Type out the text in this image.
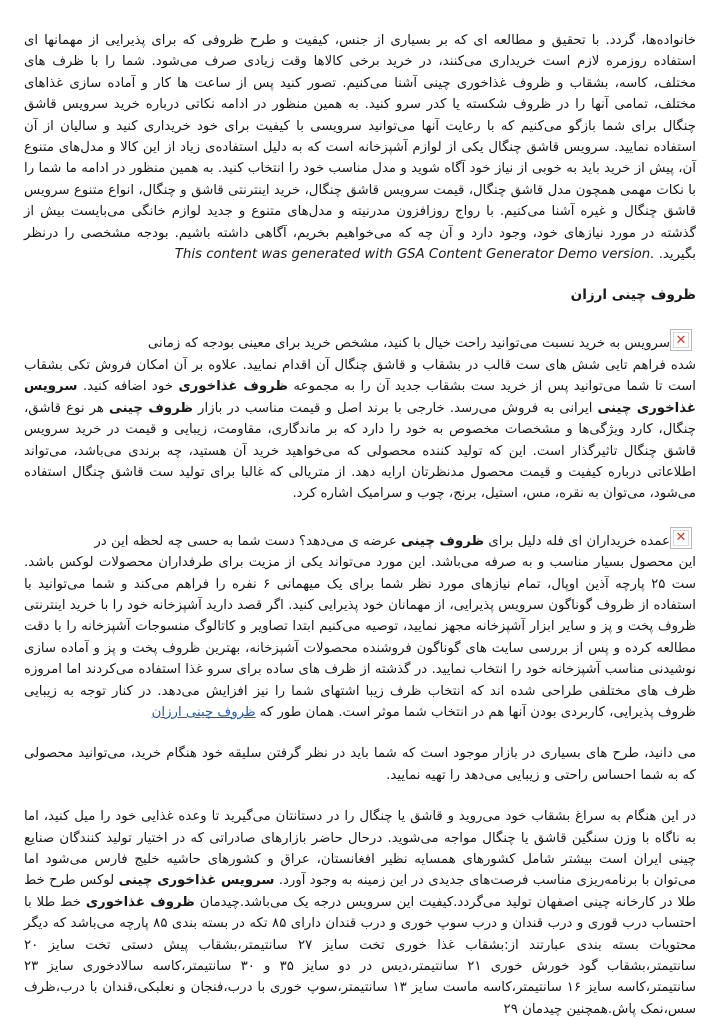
خانواده‌ها، گردد. با تحقیق و مطالعه ای که بر بسیاری از جنس، کیفیت و طرح ظروفی که برای پذیرایی از مهمانها ای استفاده روزمره لازم است خریداری می‌کنند، در خرید برخی کالاها وقت زیادی صرف می‌شود. شما را با ظرف های مختلف، کاسه، بشقاب و ظروف غذاخوری چینی آشنا می‌کنیم. تصور کنید پس از ساعت ها کار و آماده سازی غذاهای مختلف، تمامی آنها را در ظروف شکسته یا کدر سرو کنید. به همین منظور در ادامه نکاتی درباره خرید سرویس قاشق چنگال برای شما بازگو می‌کنیم که با رعایت آنها می‌توانید سرویسی با کیفیت برای خود خریداری کنید و سالیان از آن استفاده نمایید. سرویس قاشق چنگال یکی از لوازم آشپزخانه است که به دلیل استفاده‌ی زیاد از این کالا و مدل‌های متنوع آن، پیش از خرید باید به خوبی از نیاز خود آگاه شوید و مدل مناسب خود را انتخاب کنید. به همین منظور در ادامه ما شما را با نکات مهمی همچون مدل قاشق چنگال، قیمت سرویس قاشق چنگال، خرید اینترنتی قاشق و چنگال، انواع متنوع سرویس قاشق چنگال و غیره آشنا می‌کنیم. با رواج روزافزون مدرنیته و مدل‌های متنوع و جدید لوازم خانگی می‌بایست بیش از گذشته در مورد نیازهای خود، وجود دارد و آن چه که می‌خواهیم بخریم، آگاهی داشته باشیم. بودجه مشخصی را درنظر بگیرید. This content was generated with GSA Content Generator Demo version.

ظروف چینی ارزان
✕
سرویس به خرید نسبت می‌توانید راحت خیال با کنید، مشخص خرید برای معینی بودجه که زمانی

شده فراهم تایی شش های ست قالب در بشقاب و قاشق چنگال آن اقدام نمایید. علاوه بر آن امکان فروش تکی بشقاب است تا شما می‌توانید پس از خرید ست بشقاب جدید آن را به مجموعه ظروف غذاخوری خود اضافه کنید. سرویس غذاخوری چینی ایرانی به فروش می‌رسد. خارجی با برند اصل و قیمت مناسب در بازار ظروف چینی هر نوع قاشق، چنگال، کارد ویژگی‌ها و مشخصات مخصوص به خود را دارد که بر ماندگاری، مقاومت، زیبایی و قیمت در خرید سرویس قاشق چنگال تاثیرگذار است. این که تولید کننده محصولی که می‌خواهید خرید آن هستید، چه برندی می‌باشد، می‌تواند اطلاعاتی درباره کیفیت و قیمت محصول مدنظرتان ارایه دهد. از متریالی که غالبا برای تولید ست قاشق چنگال استفاده می‌شود، می‌توان به نقره، مس، استیل، برنج، چوب و سرامیک اشاره کرد.

✕
عمده خریداران ای فله دلیل برای ظروف چینی عرضه ی می‌دهد؟ دست شما به حسی چه لحظه این در

این محصول بسیار مناسب و به صرفه می‌باشد. این مورد می‌تواند یکی از مزیت برای طرفداران محصولات لوکس باشد. ست ۲۵ پارچه آذین اوپال، تمام نیازهای مورد نظر شما برای یک میهمانی ۶ نفره را فراهم می‌کند و شما می‌توانید با استفاده از ظروف گوناگون سرویس پذیرایی، از مهمانان خود پذیرایی کنید. اگر قصد دارید آشپزخانه خود را با خرید اینترنتی ظروف پخت و پز و سایر ابزار آشپزخانه مجهز نمایید، توصیه می‌کنیم ابتدا تصاویر و کاتالوگ منسوجات آشپزخانه را با دقت مطالعه کرده و پس از بررسی سایت های گوناگون فروشنده محصولات آشپزخانه، بهترین ظروف پخت و پز و آماده سازی نوشیدنی مناسب آشپزخانه خود را انتخاب نمایید. در گذشته از ظرف های ساده برای سرو غذا استفاده می‌کردند اما امروزه ظرف های مختلفی طراحی شده اند که انتخاب ظرف زیبا اشتهای شما را نیز افزایش می‌دهد. در کنار توجه به زیبایی ظروف پذیرایی، کاربردی بودن آنها هم در انتخاب شما موثر است. همان طور که ظروف چینی ارزان

می دانید، طرح های بسیاری در بازار موجود است که شما باید در نظر گرفتن سلیقه خود هنگام خرید، می‌توانید محصولی که به شما احساس راحتی و زیبایی می‌دهد را تهیه نمایید.

در این هنگام به سراغ بشقاب خود می‌روید و قاشق یا چنگال را در دستانتان می‌گیرید تا وعده غذایی خود را میل کنید، اما به ناگاه با وزن سنگین قاشق یا چنگال مواجه می‌شوید. درحال حاضر بازارهای صادراتی که در اختیار تولید کنندگان صنایع چینی ایران است بیشتر شامل کشورهای همسایه نظیر افغانستان، عراق و کشورهای حاشیه خلیج فارس می‌شود اما می‌توان با برنامه‌ریزی مناسب فرصت‌های جدیدی در این زمینه به وجود آورد. سرویس غذاخوری چینی لوکس طرح خط طلا در کارخانه چینی اصفهان تولید می‌گردد.کیفیت این سرویس درجه یک می‌باشد.چیدمان ظروف غذاخوری خط طلا با احتساب درب قوری و درب قندان و درب سوپ خوری و درب قندان دارای ۸۵ تکه در بسته بندی ۸۵ پارچه می‌باشد که دیگر محتویات بسته بندی عبارتند از:بشقاب غذا خوری تخت سایز ۲۷ سانتیمتر،بشقاب پیش دستی تخت سایز ۲۰ سانتیمتر،بشقاب گود خورش خوری ۲۱ سانتیمتر،دیس در دو سایز ۳۵ و ۳۰ سانتیمتر،کاسه سالادخوری سایز ۲۳ سانتیمتر،کاسه سایز ۱۶ سانتیمتر،کاسه ماست سایز ۱۳ سانتیمتر،سوپ خوری با درب،فنجان و نعلبکی،قندان با درب،ظرف سس،نمک پاش.همچنین چیدمان ۲۹
